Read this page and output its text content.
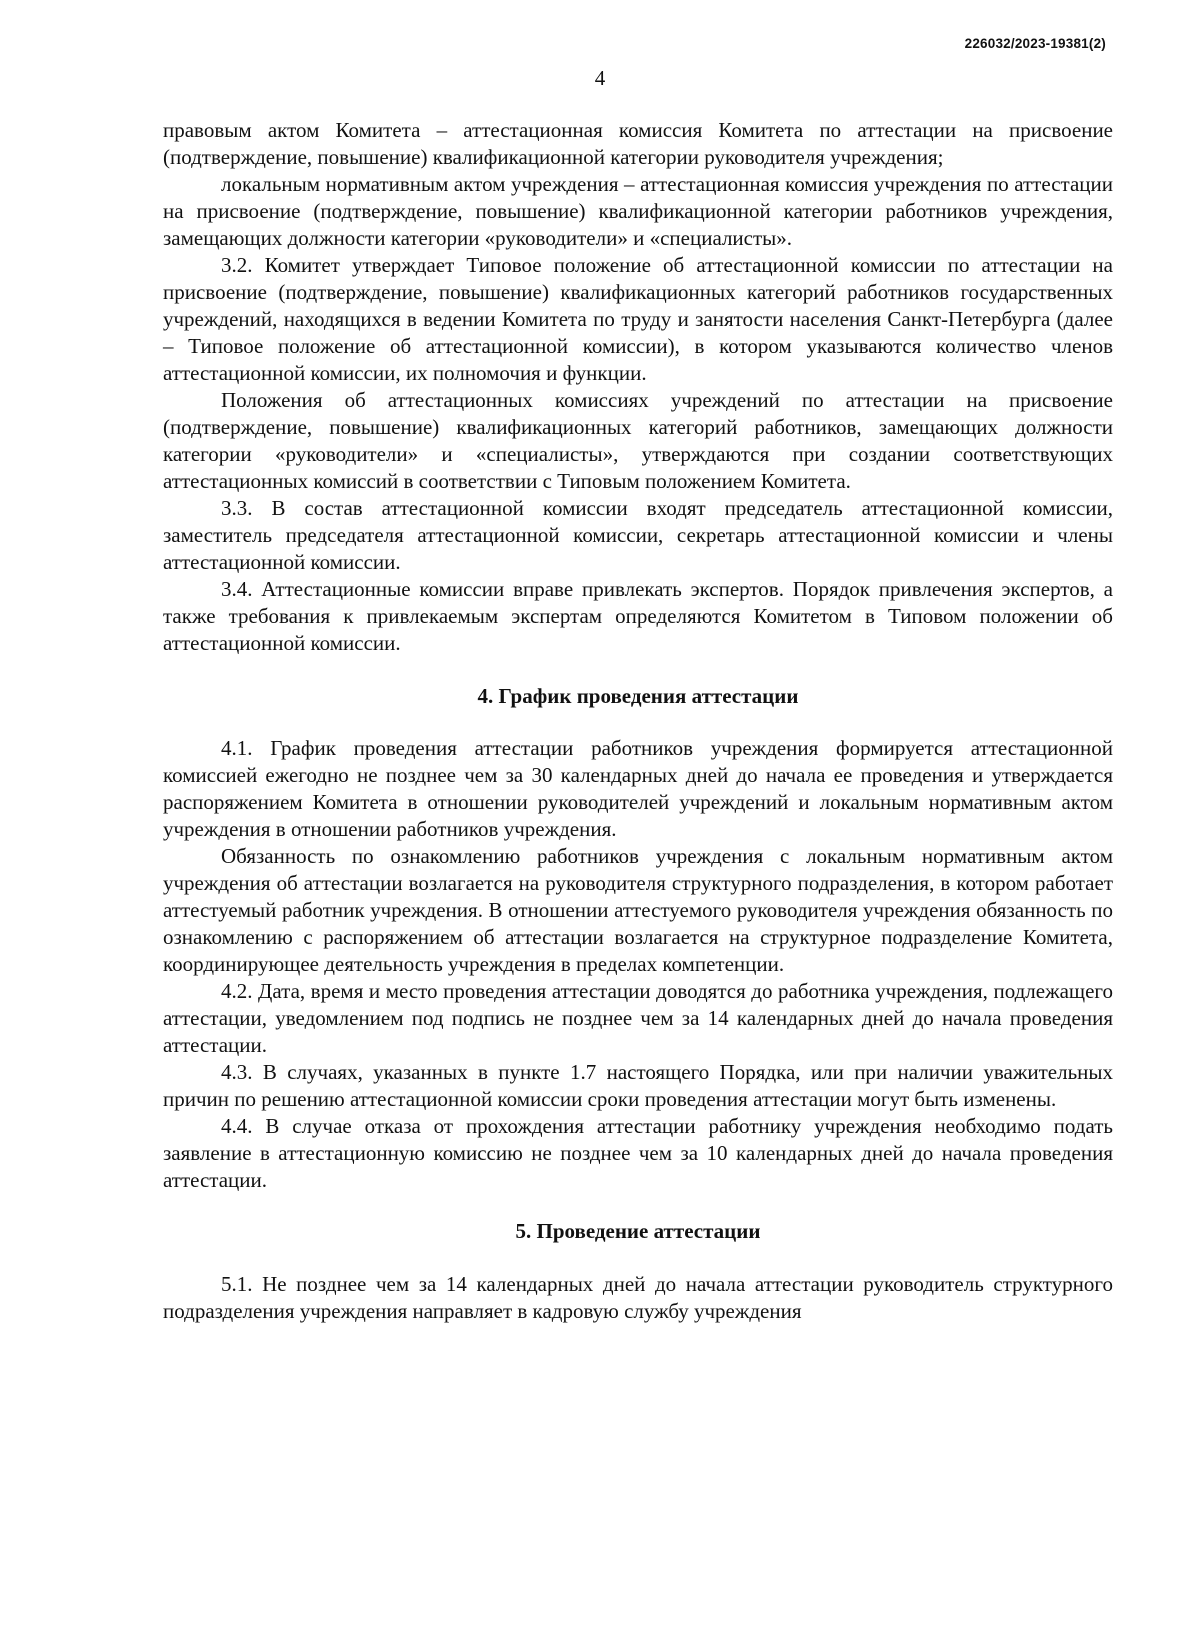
226032/2023-19381(2)
4

правовым актом Комитета – аттестационная комиссия Комитета по аттестации на присвоение (подтверждение, повышение) квалификационной категории руководителя учреждения;

локальным нормативным актом учреждения – аттестационная комиссия учреждения по аттестации на присвоение (подтверждение, повышение) квалификационной категории работников учреждения, замещающих должности категории «руководители» и «специалисты».

3.2. Комитет утверждает Типовое положение об аттестационной комиссии по аттестации на присвоение (подтверждение, повышение) квалификационных категорий работников государственных учреждений, находящихся в ведении Комитета по труду и занятости населения Санкт-Петербурга (далее – Типовое положение об аттестационной комиссии), в котором указываются количество членов аттестационной комиссии, их полномочия и функции.

Положения об аттестационных комиссиях учреждений по аттестации на присвоение (подтверждение, повышение) квалификационных категорий работников, замещающих должности категории «руководители» и «специалисты», утверждаются при создании соответствующих аттестационных комиссий в соответствии с Типовым положением Комитета.

3.3. В состав аттестационной комиссии входят председатель аттестационной комиссии, заместитель председателя аттестационной комиссии, секретарь аттестационной комиссии и члены аттестационной комиссии.

3.4. Аттестационные комиссии вправе привлекать экспертов. Порядок привлечения экспертов, а также требования к привлекаемым экспертам определяются Комитетом в Типовом положении об аттестационной комиссии.

4. График проведения аттестации

4.1. График проведения аттестации работников учреждения формируется аттестационной комиссией ежегодно не позднее чем за 30 календарных дней до начала ее проведения и утверждается распоряжением Комитета в отношении руководителей учреждений и локальным нормативным актом учреждения в отношении работников учреждения.

Обязанность по ознакомлению работников учреждения с локальным нормативным актом учреждения об аттестации возлагается на руководителя структурного подразделения, в котором работает аттестуемый работник учреждения. В отношении аттестуемого руководителя учреждения обязанность по ознакомлению с распоряжением об аттестации возлагается на структурное подразделение Комитета, координирующее деятельность учреждения в пределах компетенции.

4.2. Дата, время и место проведения аттестации доводятся до работника учреждения, подлежащего аттестации, уведомлением под подпись не позднее чем за 14 календарных дней до начала проведения аттестации.

4.3. В случаях, указанных в пункте 1.7 настоящего Порядка, или при наличии уважительных причин по решению аттестационной комиссии сроки проведения аттестации могут быть изменены.

4.4. В случае отказа от прохождения аттестации работнику учреждения необходимо подать заявление в аттестационную комиссию не позднее чем за 10 календарных дней до начала проведения аттестации.

5. Проведение аттестации

5.1. Не позднее чем за 14 календарных дней до начала аттестации руководитель структурного подразделения учреждения направляет в кадровую службу учреждения
